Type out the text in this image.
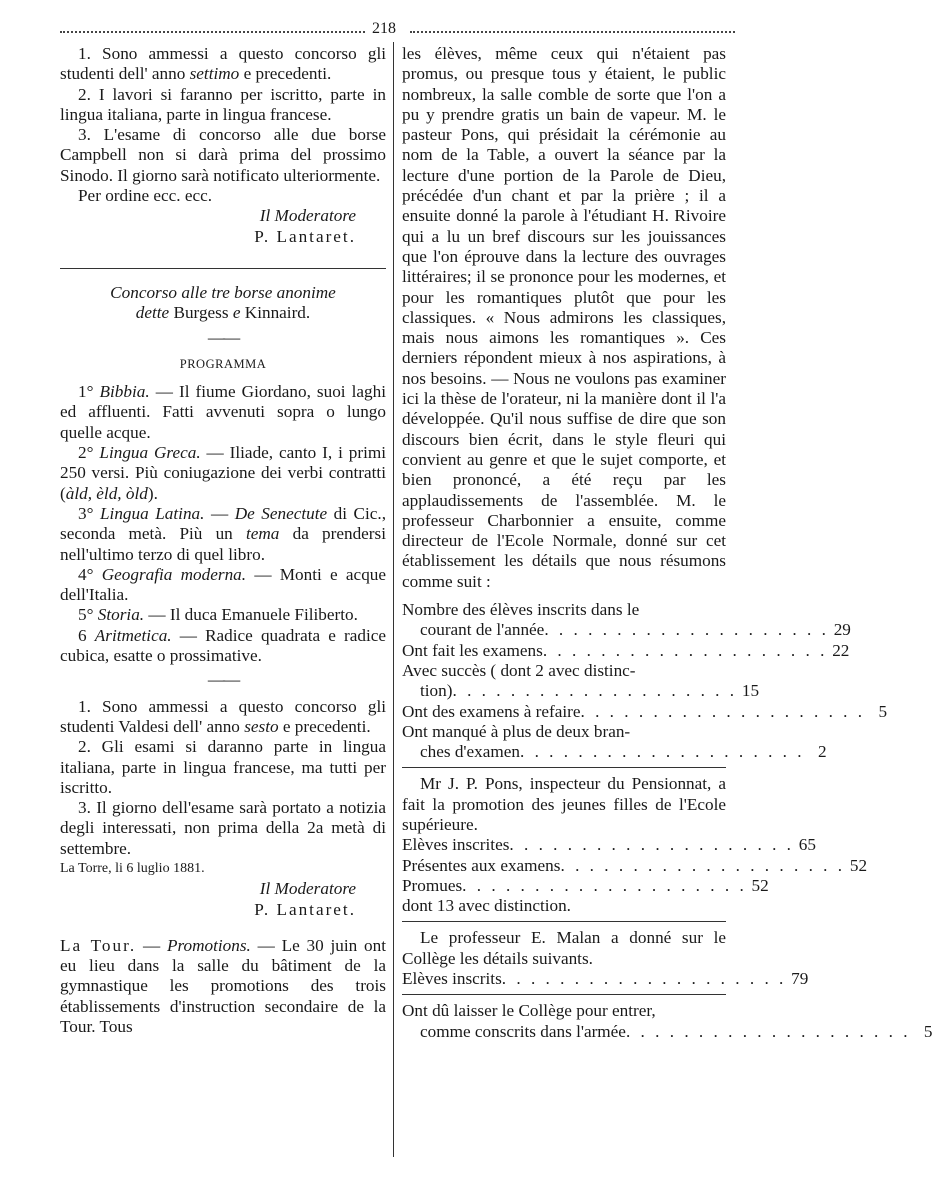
218

1. Sono ammessi a questo concorso gli studenti dell' anno settimo e precedenti.

2. I lavori si faranno per iscritto, parte in lingua italiana, parte in lingua francese.

3. L'esame di concorso alle due borse Campbell non si darà prima del prossimo Sinodo. Il giorno sarà notificato ulteriormente.

Per ordine ecc. ecc.

Il Moderatore

P. Lantaret.

Concorso alle tre borse anonime

dette Burgess e Kinnaird.

——

PROGRAMMA

1° Bibbia. — Il fiume Giordano, suoi laghi ed affluenti. Fatti avvenuti sopra o lungo quelle acque.

2° Lingua Greca. — Iliade, canto I, i primi 250 versi. Più coniugazione dei verbi contratti (àld, èld, òld).

3° Lingua Latina. — De Senectute di Cic., seconda metà. Più un tema da prendersi nell'ultimo terzo di quel libro.

4° Geografia moderna. — Monti e acque dell'Italia.

5° Storia. — Il duca Emanuele Filiberto.

6 Aritmetica. — Radice quadrata e radice cubica, esatte o prossimative.

——

1. Sono ammessi a questo concorso gli studenti Valdesi dell' anno sesto e precedenti.

2. Gli esami si daranno parte in lingua italiana, parte in lingua francese, ma tutti per iscritto.

3. Il giorno dell'esame sarà portato a notizia degli interessati, non prima della 2a metà di settembre.

La Torre, li 6 luglio 1881.

Il Moderatore

P. Lantaret.

La Tour. — Promotions. — Le 30 juin ont eu lieu dans la salle du bâtiment de la gymnastique les promotions des trois établissements d'instruction secondaire de la Tour. Tous

les élèves, même ceux qui n'étaient pas promus, ou presque tous y étaient, le public nombreux, la salle comble de sorte que l'on a pu y prendre gratis un bain de vapeur. M. le pasteur Pons, qui présidait la cérémonie au nom de la Table, a ouvert la séance par la lecture d'une portion de la Parole de Dieu, précédée d'un chant et par la prière ; il a ensuite donné la parole à l'étudiant H. Rivoire qui a lu un bref discours sur les jouissances que l'on éprouve dans la lecture des ouvrages littéraires; il se prononce pour les modernes, et pour les romantiques plutôt que pour les classiques. « Nous admirons les classiques, mais nous aimons les romantiques ». Ces derniers répondent mieux à nos aspirations, à nos besoins. — Nous ne voulons pas examiner ici la thèse de l'orateur, ni la manière dont il l'a développée. Qu'il nous suffise de dire que son discours bien écrit, dans le style fleuri qui convient au genre et que le sujet comporte, et bien prononcé, a été reçu par les applaudissements de l'assemblée. M. le professeur Charbonnier a ensuite, comme directeur de l'Ecole Normale, donné sur cet établissement les détails que nous résumons comme suit :

Nombre des élèves inscrits dans le
courant de l'année . . . . . . . . . . . . . . . . . . . . 29
Ont fait les examens . . . . . . . . . . . . . . . . . . . . 22
Avec succès ( dont 2 avec distinc-
tion) . . . . . . . . . . . . . . . . . . . . 15
Ont des examens à refaire . . . . . . . . . . . . . . . . . . . . 5
Ont manqué à plus de deux bran-
ches d'examen . . . . . . . . . . . . . . . . . . . . 2

Mr J. P. Pons, inspecteur du Pensionnat, a fait la promotion des jeunes filles de l'Ecole supérieure.

Elèves inscrites . . . . . . . . . . . . . . . . . . . . 65
Présentes aux examens . . . . . . . . . . . . . . . . . . . . 52
Promues . . . . . . . . . . . . . . . . . . . . 52
dont 13 avec distinction.

Le professeur E. Malan a donné sur le Collège les détails suivants.

Elèves inscrits . . . . . . . . . . . . . . . . . . . . 79
Ont dû laisser le Collège pour entrer,
comme conscrits dans l'armée . . . . . . . . . . . . . . . . . . . . 5
